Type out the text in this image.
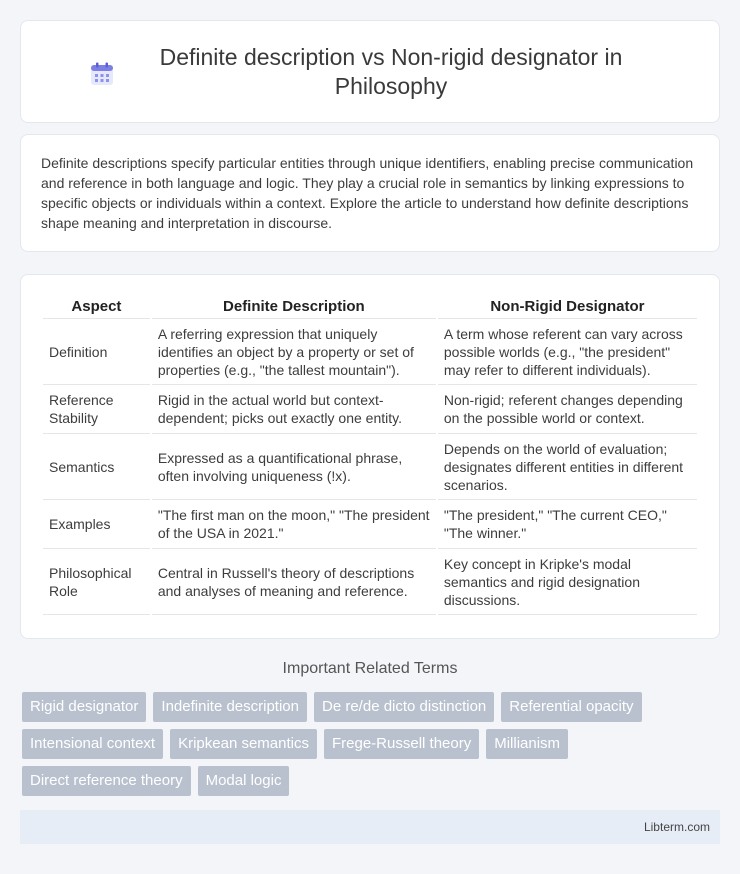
Definite description vs Non-rigid designator in Philosophy

Definite descriptions specify particular entities through unique identifiers, enabling precise communication and reference in both language and logic. They play a crucial role in semantics by linking expressions to specific objects or individuals within a context. Explore the article to understand how definite descriptions shape meaning and interpretation in discourse.

Aspect	Definite Description	Non-Rigid Designator
Definition	A referring expression that uniquely identifies an object by a property or set of properties (e.g., "the tallest mountain").	A term whose referent can vary across possible worlds (e.g., "the president" may refer to different individuals).
Reference Stability	Rigid in the actual world but context-dependent; picks out exactly one entity.	Non-rigid; referent changes depending on the possible world or context.
Semantics	Expressed as a quantificational phrase, often involving uniqueness (!x).	Depends on the world of evaluation; designates different entities in different scenarios.
Examples	"The first man on the moon," "The president of the USA in 2021."	"The president," "The current CEO," "The winner."
Philosophical Role	Central in Russell's theory of descriptions and analyses of meaning and reference.	Key concept in Kripke's modal semantics and rigid designation discussions.
Important Related Terms
Rigid designator	Indefinite description	De re/de dicto distinction	Referential opacity
Intensional context	Kripkean semantics	Frege-Russell theory	Millianism
Direct reference theory	Modal logic
Libterm.com
